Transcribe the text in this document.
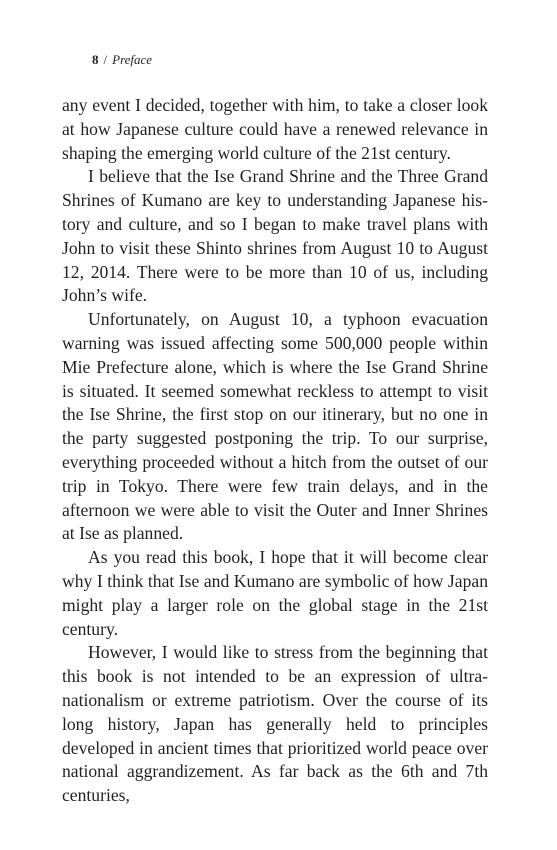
8 / Preface

any event I decided, together with him, to take a closer look at how Japanese culture could have a renewed relevance in shaping the emerging world culture of the 21st century.

I believe that the Ise Grand Shrine and the Three Grand Shrines of Kumano are key to understanding Japanese history and culture, and so I began to make travel plans with John to visit these Shinto shrines from August 10 to August 12, 2014. There were to be more than 10 of us, including John’s wife.

Unfortunately, on August 10, a typhoon evacuation warning was issued affecting some 500,000 people within Mie Prefecture alone, which is where the Ise Grand Shrine is situated. It seemed somewhat reckless to attempt to visit the Ise Shrine, the first stop on our itinerary, but no one in the party suggested postponing the trip. To our surprise, everything proceeded without a hitch from the outset of our trip in Tokyo. There were few train delays, and in the afternoon we were able to visit the Outer and Inner Shrines at Ise as planned.

As you read this book, I hope that it will become clear why I think that Ise and Kumano are symbolic of how Japan might play a larger role on the global stage in the 21st century.

However, I would like to stress from the beginning that this book is not intended to be an expression of ultranationalism or extreme patriotism. Over the course of its long history, Japan has generally held to principles developed in ancient times that prioritized world peace over national aggrandizement. As far back as the 6th and 7th centuries,
